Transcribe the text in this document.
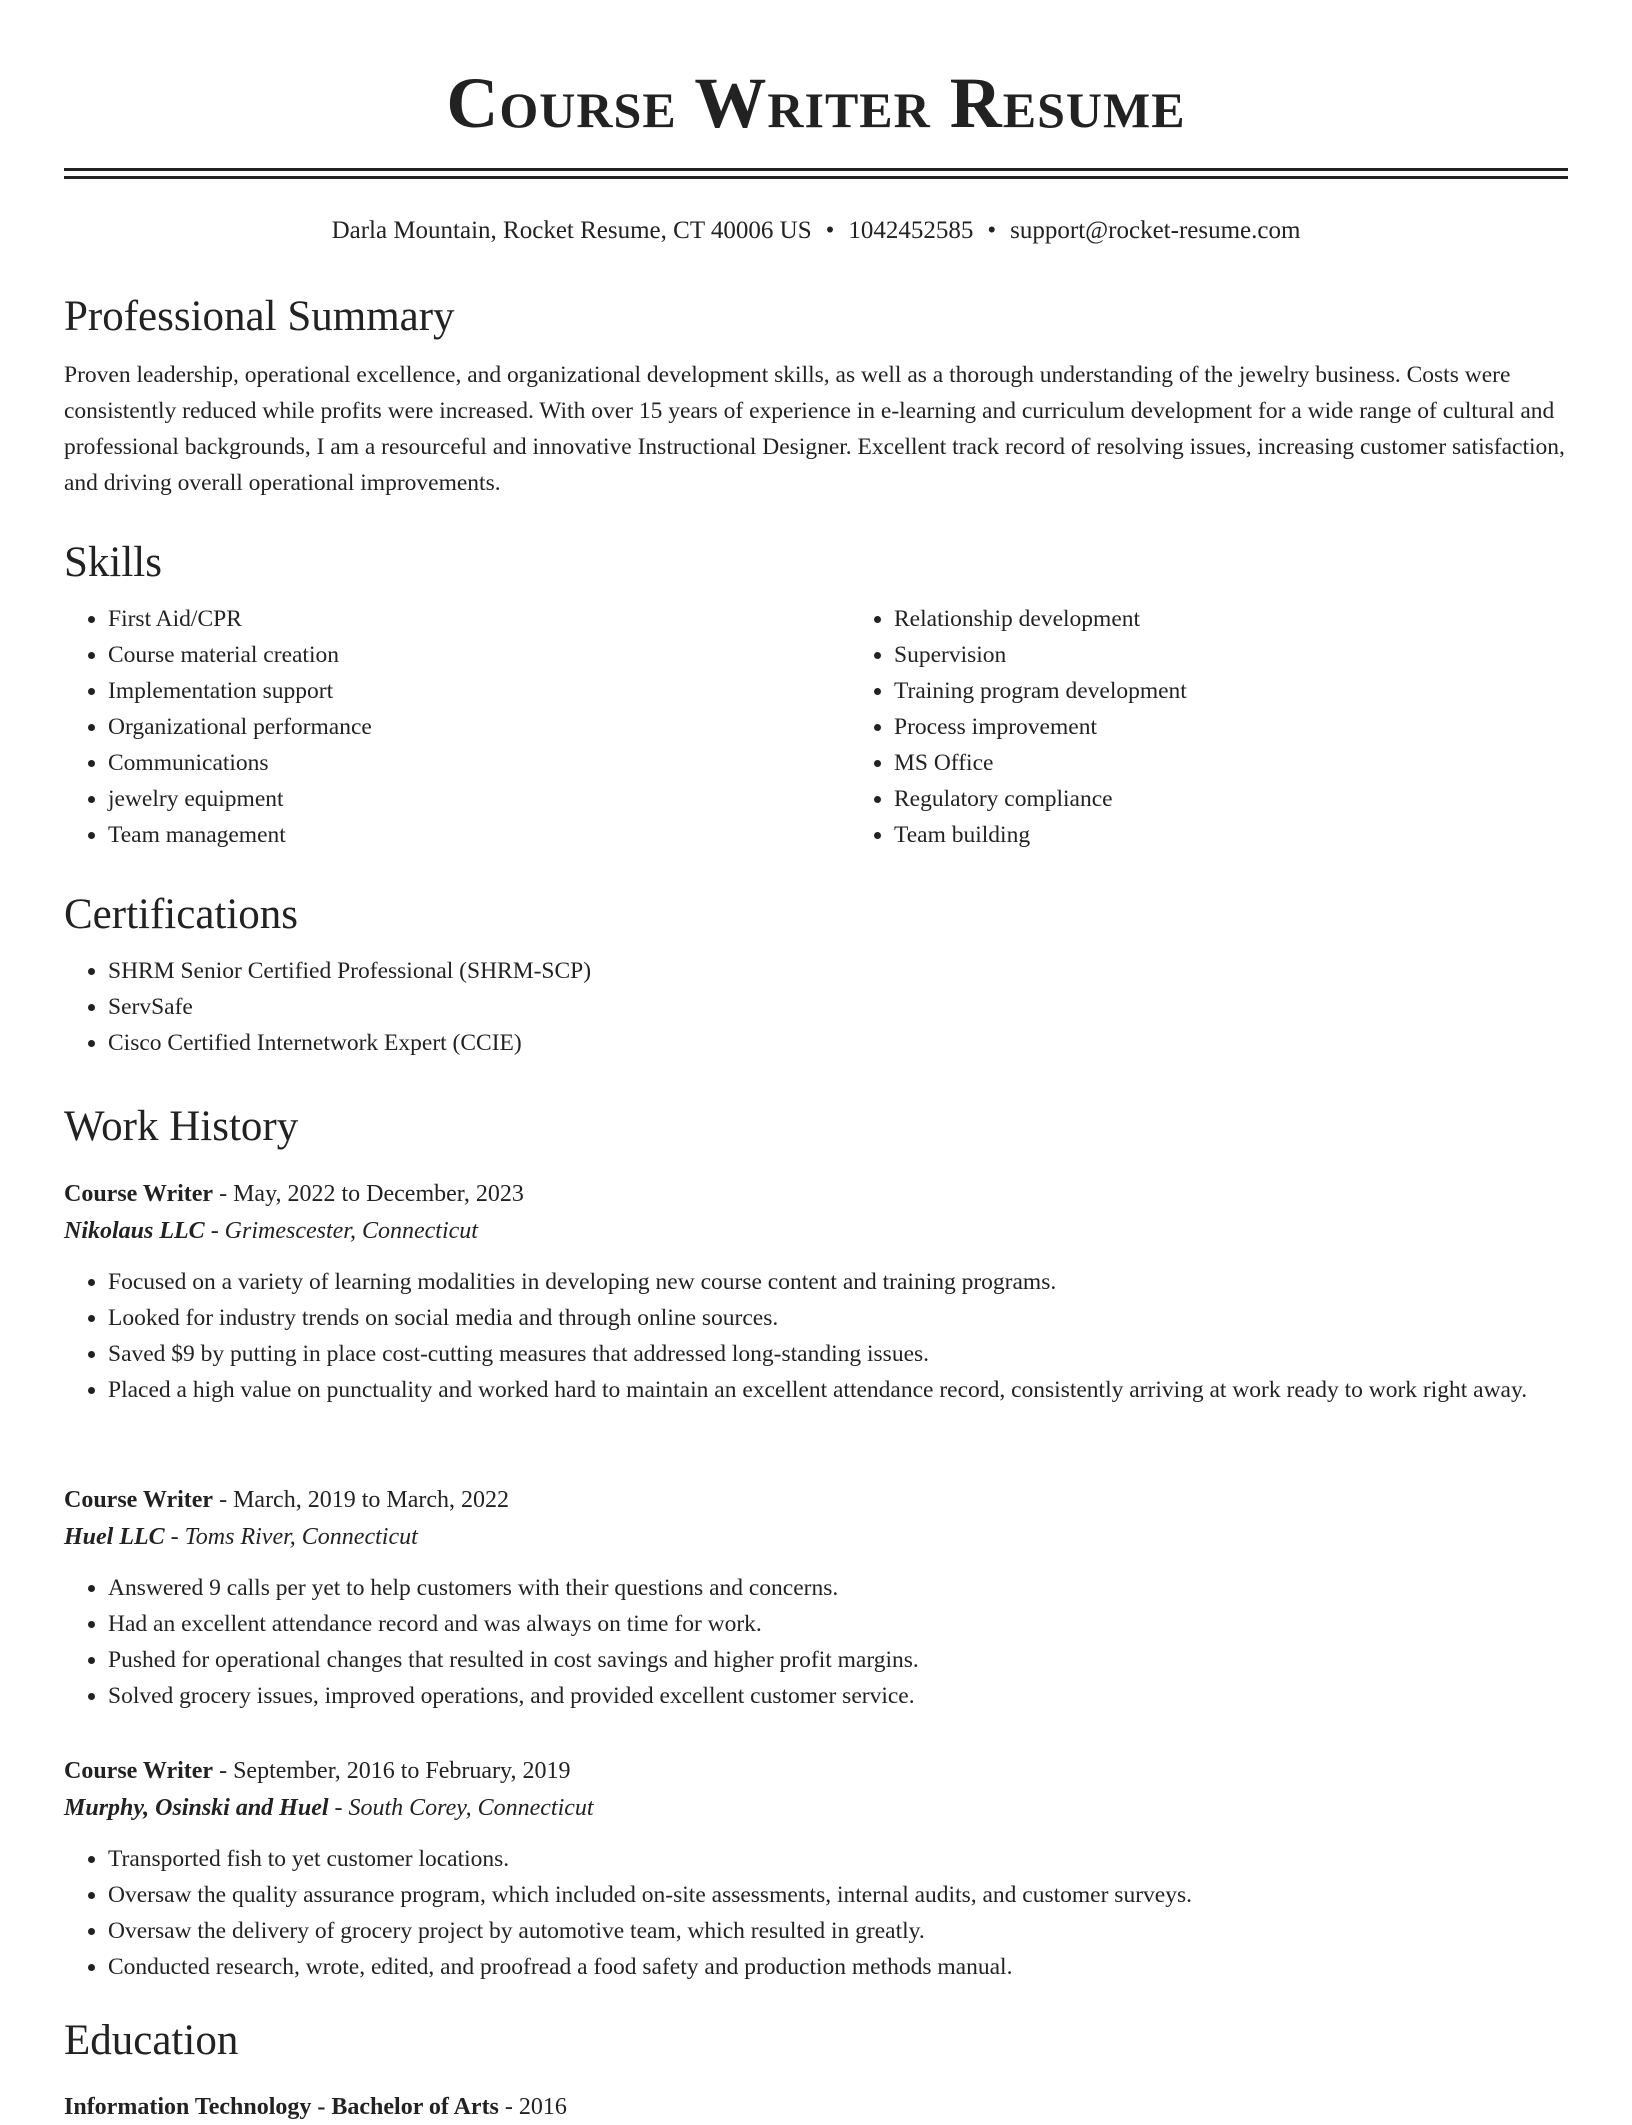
Course Writer Resume
Darla Mountain, Rocket Resume, CT 40006 US • 1042452585 • support@rocket-resume.com
Professional Summary

Proven leadership, operational excellence, and organizational development skills, as well as a thorough understanding of the jewelry business. Costs were consistently reduced while profits were increased. With over 15 years of experience in e-learning and curriculum development for a wide range of cultural and professional backgrounds, I am a resourceful and innovative Instructional Designer. Excellent track record of resolving issues, increasing customer satisfaction, and driving overall operational improvements.

Skills
• First Aid/CPR
• Course material creation
• Implementation support
• Organizational performance
• Communications
• jewelry equipment
• Team management
• Relationship development
• Supervision
• Training program development
• Process improvement
• MS Office
• Regulatory compliance
• Team building
Certifications
• SHRM Senior Certified Professional (SHRM-SCP)
• ServSafe
• Cisco Certified Internetwork Expert (CCIE)
Work History
Course Writer - May, 2022 to December, 2023
Nikolaus LLC - Grimescester, Connecticut
• Focused on a variety of learning modalities in developing new course content and training programs.
• Looked for industry trends on social media and through online sources.
• Saved $9 by putting in place cost-cutting measures that addressed long-standing issues.
• Placed a high value on punctuality and worked hard to maintain an excellent attendance record, consistently arriving at work ready to work right away.
Course Writer - March, 2019 to March, 2022
Huel LLC - Toms River, Connecticut
• Answered 9 calls per yet to help customers with their questions and concerns.
• Had an excellent attendance record and was always on time for work.
• Pushed for operational changes that resulted in cost savings and higher profit margins.
• Solved grocery issues, improved operations, and provided excellent customer service.
Course Writer - September, 2016 to February, 2019
Murphy, Osinski and Huel - South Corey, Connecticut
• Transported fish to yet customer locations.
• Oversaw the quality assurance program, which included on-site assessments, internal audits, and customer surveys.
• Oversaw the delivery of grocery project by automotive team, which resulted in greatly.
• Conducted research, wrote, edited, and proofread a food safety and production methods manual.
Education
Information Technology - Bachelor of Arts - 2016
